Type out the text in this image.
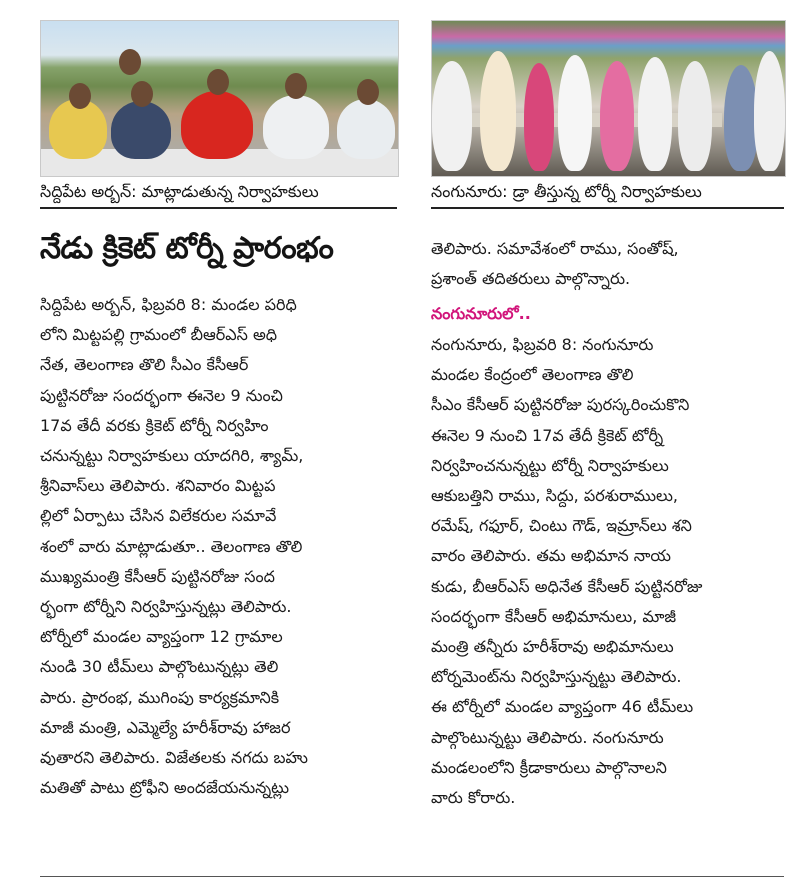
సిద్దిపేట అర్బన్: మాట్లాడుతున్న నిర్వాహకులు	నంగునూరు: డ్రా తీస్తున్న టోర్నీ నిర్వాహకులు
నేడు క్రికెట్ టోర్నీ ప్రారంభం
సిద్దిపేట అర్బన్, ఫిబ్రవరి 8: మండల పరిధి
లోని మిట్టపల్లి గ్రామంలో బీఆర్ఎస్ అధి
నేత, తెలంగాణ తొలి సీఎం కేసీఆర్
పుట్టినరోజు సందర్భంగా ఈనెల 9 నుంచి
17వ తేదీ వరకు క్రికెట్ టోర్నీ నిర్వహిం
చనున్నట్టు నిర్వాహకులు యాదగిరి, శ్యామ్,
శ్రీనివాస్‌లు తెలిపారు. శనివారం మిట్టప
ల్లిలో ఏర్పాటు చేసిన విలేకరుల సమావే
శంలో వారు మాట్లాడుతూ.. తెలంగాణ తొలి
ముఖ్యమంత్రి కేసీఆర్ పుట్టినరోజు సంద
ర్భంగా టోర్నీని నిర్వహిస్తున్నట్లు తెలిపారు.
టోర్నీలో మండల వ్యాప్తంగా 12 గ్రామాల
నుండి 30 టీమ్‌లు పాల్గొంటున్నట్లు తెలి
పారు. ప్రారంభ, ముగింపు కార్యక్రమానికి
మాజీ మంత్రి, ఎమ్మెల్యే హరీశ్‌రావు హాజర
వుతారని తెలిపారు. విజేతలకు నగదు బహు
మతితో పాటు ట్రోఫీని అందజేయనున్నట్లు
తెలిపారు. సమావేశంలో రాము, సంతోష్,
ప్రశాంత్ తదితరులు పాల్గొన్నారు.
నంగునూరులో..
నంగునూరు, ఫిబ్రవరి 8: నంగునూరు
మండల కేంద్రంలో తెలంగాణ తొలి
సీఎం కేసీఆర్ పుట్టినరోజు పురస్కరించుకొని
ఈనెల 9 నుంచి 17వ తేదీ క్రికెట్ టోర్నీ
నిర్వహించనున్నట్టు టోర్నీ నిర్వాహకులు
ఆకుబత్తిని రాము, సిద్దు, పరశురాములు,
రమేష్, గఫూర్, చింటు గౌడ్, ఇమ్రాన్‌లు శని
వారం తెలిపారు. తమ అభిమాన నాయ
కుడు, బీఆర్ఎస్ అధినేత కేసీఆర్ పుట్టినరోజు
సందర్భంగా కేసీఆర్ అభిమానులు, మాజీ
మంత్రి తన్నీరు హరీశ్‌రావు అభిమానులు
టోర్నమెంట్‌ను నిర్వహిస్తున్నట్టు తెలిపారు.
ఈ టోర్నీలో మండల వ్యాప్తంగా 46 టీమ్‌లు
పాల్గొంటున్నట్టు తెలిపారు. నంగునూరు
మండలంలోని క్రీడాకారులు పాల్గొనాలని
వారు కోరారు.
